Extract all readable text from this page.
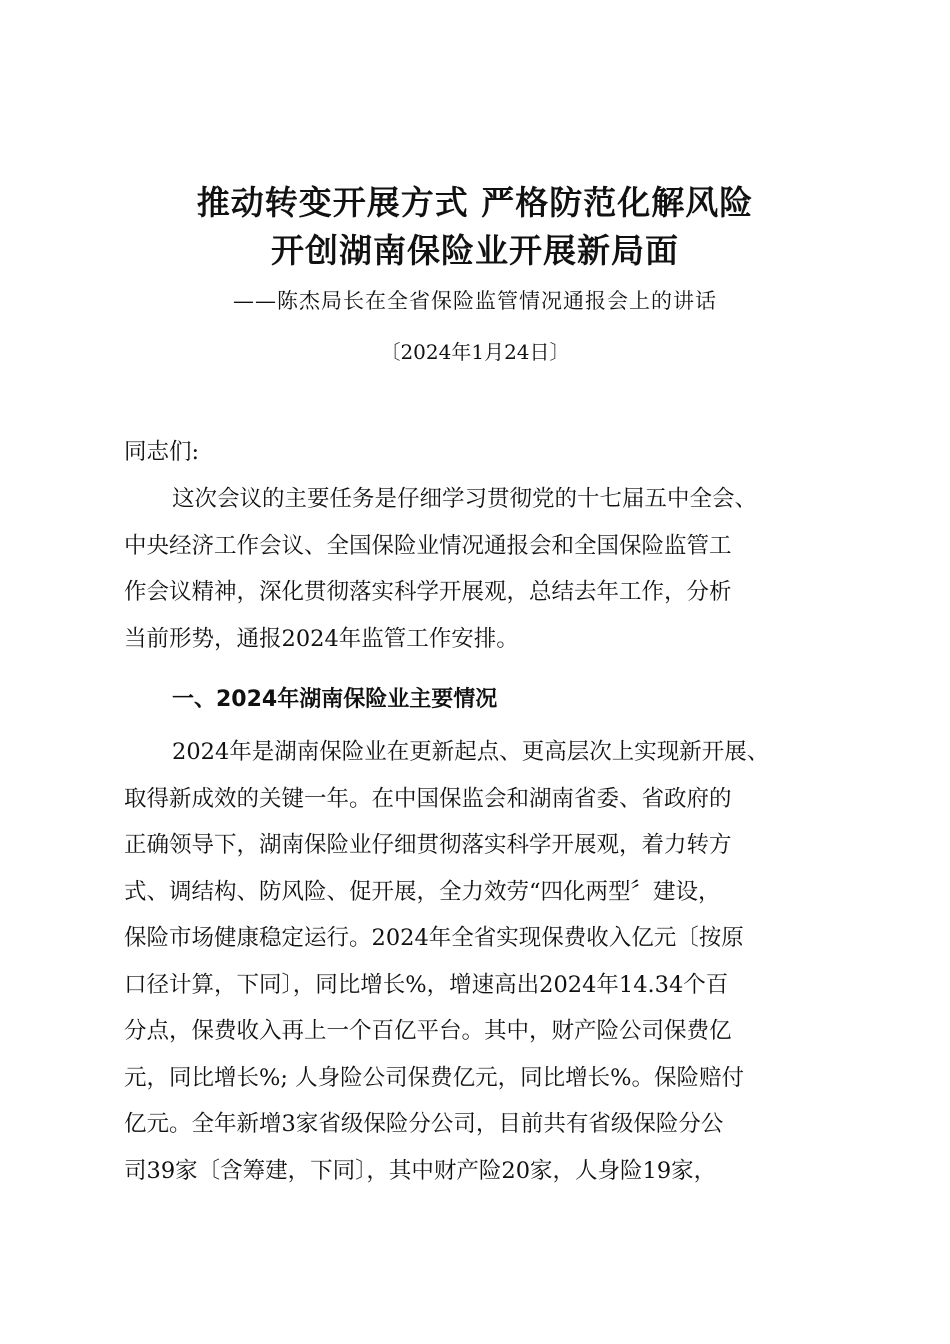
推动转变开展方式 严格防范化解风险
开创湖南保险业开展新局面
——陈杰局长在全省保险监管情况通报会上的讲话
〔2024年1月24日〕
同志们:
这次会议的主要任务是仔细学习贯彻党的十七届五中全会、
中央经济工作会议、全国保险业情况通报会和全国保险监管工
作会议精神，深化贯彻落实科学开展观，总结去年工作，分析
当前形势，通报2024年监管工作安排。
一、2024年湖南保险业主要情况
2024年是湖南保险业在更新起点、更高层次上实现新开展、
取得新成效的关键一年。在中国保监会和湖南省委、省政府的
正确领导下，湖南保险业仔细贯彻落实科学开展观，着力转方
式、调结构、防风险、促开展，全力效劳“四化两型〞建设，
保险市场健康稳定运行。2024年全省实现保费收入亿元〔按原
口径计算，下同〕，同比增长%，增速高出2024年14.34个百
分点，保费收入再上一个百亿平台。其中，财产险公司保费亿
元，同比增长%; 人身险公司保费亿元，同比增长%。保险赔付
亿元。全年新增3家省级保险分公司，目前共有省级保险分公
司39家〔含筹建，下同〕，其中财产险20家，人身险19家，
